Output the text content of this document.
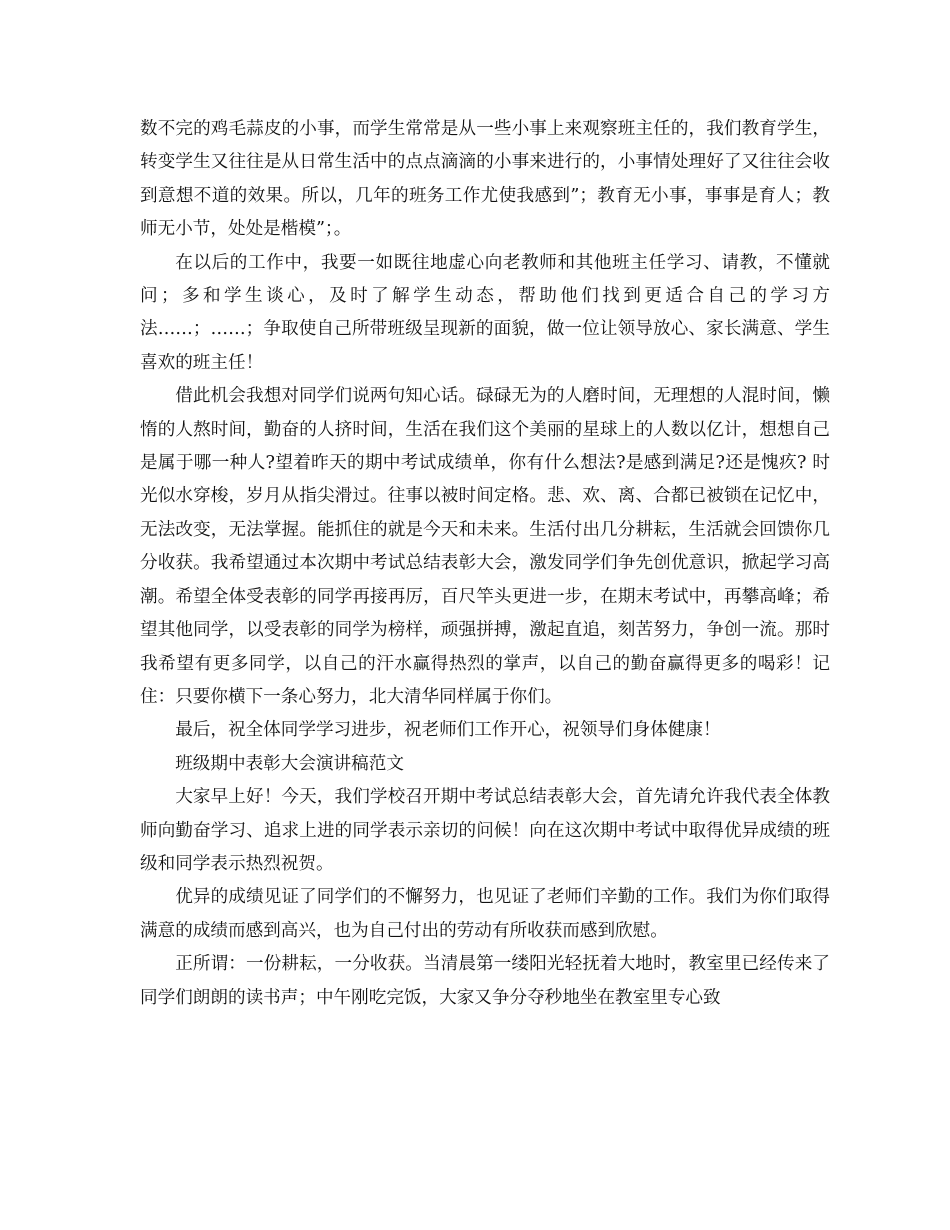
数不完的鸡毛蒜皮的小事，而学生常常是从一些小事上来观察班主任的，我们教育学生，转变学生又往往是从日常生活中的点点滴滴的小事来进行的，小事情处理好了又往往会收到意想不道的效果。所以，几年的班务工作尤使我感到”；教育无小事，事事是育人；教师无小节，处处是楷模”；。

在以后的工作中，我要一如既往地虚心向老教师和其他班主任学习、请教，不懂就问；多和学生谈心，及时了解学生动态，帮助他们找到更适合自己的学习方法……；……；争取使自己所带班级呈现新的面貌，做一位让领导放心、家长满意、学生喜欢的班主任！

借此机会我想对同学们说两句知心话。碌碌无为的人磨时间，无理想的人混时间，懒惰的人熬时间，勤奋的人挤时间，生活在我们这个美丽的星球上的人数以亿计，想想自己是属于哪一种人?望着昨天的期中考试成绩单，你有什么想法?是感到满足?还是愧疚? 时光似水穿梭，岁月从指尖滑过。往事以被时间定格。悲、欢、离、合都已被锁在记忆中，无法改变，无法掌握。能抓住的就是今天和未来。生活付出几分耕耘，生活就会回馈你几分收获。我希望通过本次期中考试总结表彰大会，激发同学们争先创优意识，掀起学习高潮。希望全体受表彰的同学再接再厉，百尺竿头更进一步，在期末考试中，再攀高峰；希望其他同学，以受表彰的同学为榜样，顽强拼搏，激起直追，刻苦努力，争创一流。那时我希望有更多同学，以自己的汗水赢得热烈的掌声，以自己的勤奋赢得更多的喝彩！记住：只要你横下一条心努力，北大清华同样属于你们。

最后，祝全体同学学习进步，祝老师们工作开心，祝领导们身体健康！

班级期中表彰大会演讲稿范文

大家早上好！今天，我们学校召开期中考试总结表彰大会，首先请允许我代表全体教师向勤奋学习、追求上进的同学表示亲切的问候！向在这次期中考试中取得优异成绩的班级和同学表示热烈祝贺。

优异的成绩见证了同学们的不懈努力，也见证了老师们辛勤的工作。我们为你们取得满意的成绩而感到高兴，也为自己付出的劳动有所收获而感到欣慰。

正所谓：一份耕耘，一分收获。当清晨第一缕阳光轻抚着大地时，教室里已经传来了同学们朗朗的读书声；中午刚吃完饭，大家又争分夺秒地坐在教室里专心致
